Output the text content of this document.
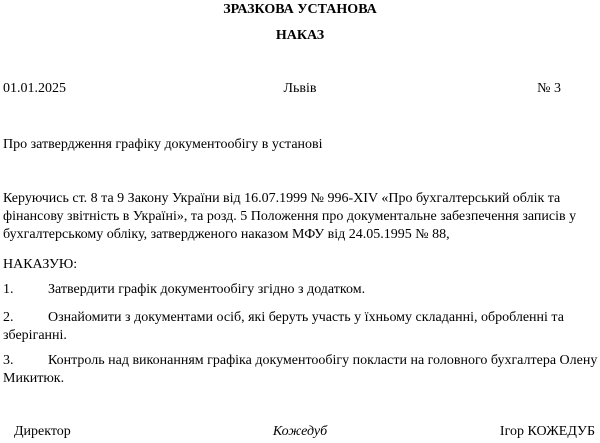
ЗРАЗКОВА УСТАНОВА
НАКАЗ
01.01.2025	Львів	№ 3
Про затвердження графіку документообігу в установі
Керуючись ст. 8 та 9 Закону України від 16.07.1999 № 996-XIV «Про бухгалтерський облік та
фінансову звітність в Україні», та розд. 5 Положення про документальне забезпечення записів у
бухгалтерському обліку, затвердженого наказом МФУ від 24.05.1995 № 88,
НАКАЗУЮ:
1. Затвердити графік документообігу згідно з додатком.
2. Ознайомити з документами осіб, які беруть участь у їхньому складанні, обробленні та
зберіганні.
3. Контроль над виконанням графіка документообігу покласти на головного бухгалтера Олену
Микитюк.
Директор	Кожедуб	Ігор КОЖЕДУБ
